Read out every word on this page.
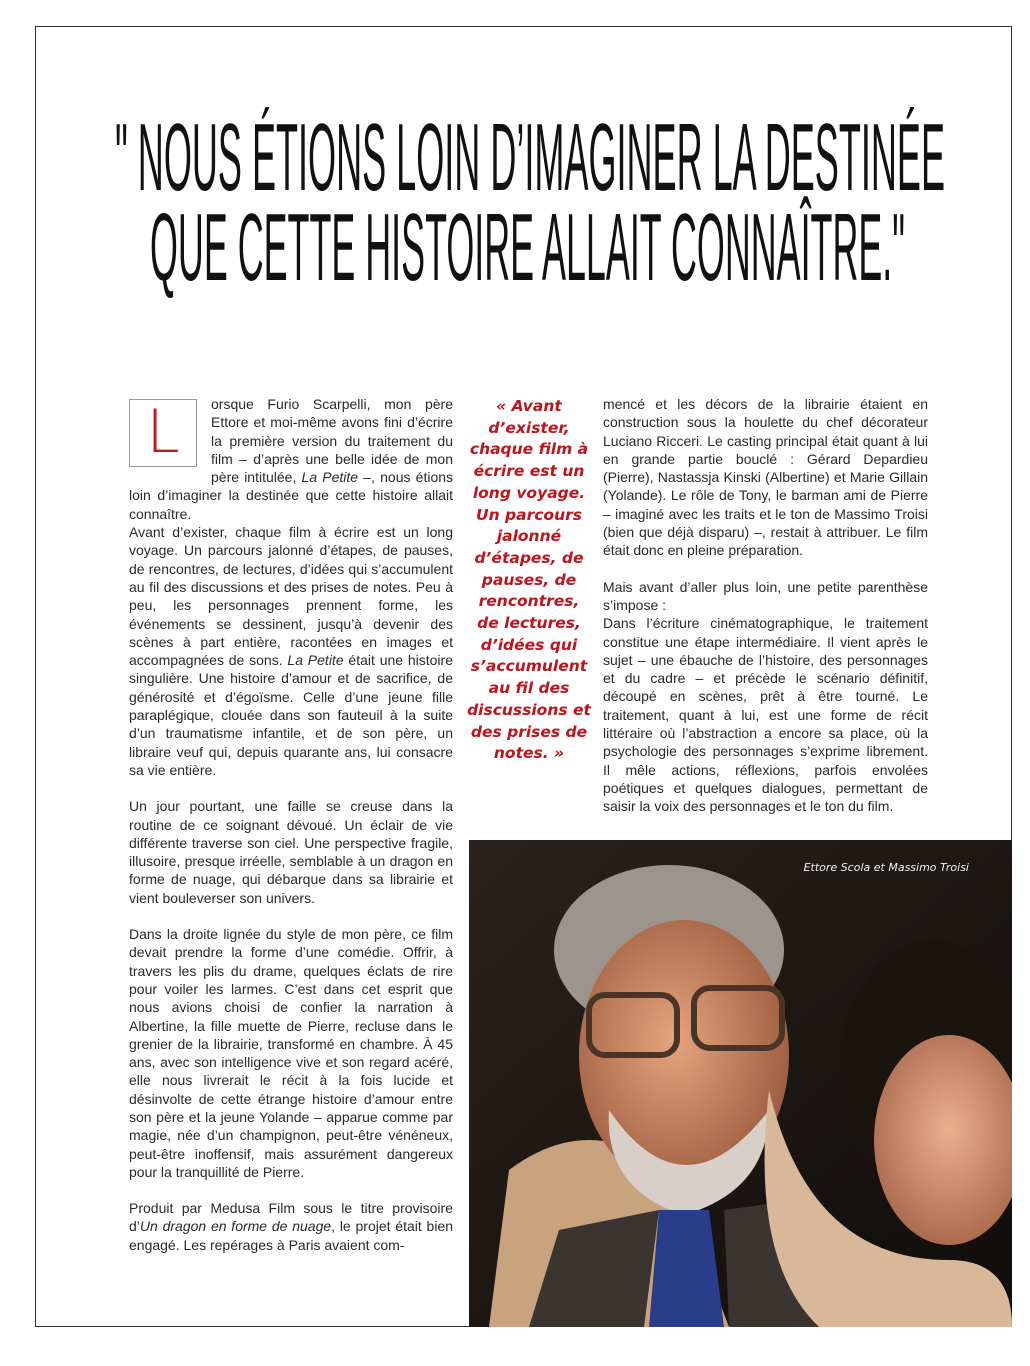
" NOUS ÉTIONS LOIN D’IMAGINER LA DESTINÉE
QUE CETTE HISTOIRE ALLAIT CONNAÎTRE."

L	orsque Furio Scarpelli, mon père Ettore et moi-même avons fini d’écrire la première version du traitement du film – d’après une belle idée de mon père intitulée, La Petite –, nous étions loin d’imaginer la destinée que cette histoire allait connaître.

Avant d’exister, chaque film à écrire est un long voyage. Un parcours jalonné d’étapes, de pauses, de rencontres, de lectures, d’idées qui s’accumulent au fil des discussions et des prises de notes. Peu à peu, les personnages prennent forme, les événements se dessinent, jusqu’à devenir des scènes à part entière, racontées en images et accompagnées de sons. La Petite était une histoire singulière. Une histoire d’amour et de sacrifice, de générosité et d’égoïsme. Celle d’une jeune fille paraplégique, clouée dans son fauteuil à la suite d’un traumatisme infantile, et de son père, un libraire veuf qui, depuis quarante ans, lui consacre sa vie entière.

Un jour pourtant, une faille se creuse dans la routine de ce soignant dévoué. Un éclair de vie différente traverse son ciel. Une perspective fragile, illusoire, presque irréelle, semblable à un dragon en forme de nuage, qui débarque dans sa librairie et vient bouleverser son univers.

Dans la droite lignée du style de mon père, ce film devait prendre la forme d’une comédie. Offrir, à travers les plis du drame, quelques éclats de rire pour voiler les larmes. C’est dans cet esprit que nous avions choisi de confier la narration à Albertine, la fille muette de Pierre, recluse dans le grenier de la librairie, transformé en chambre. À 45 ans, avec son intelligence vive et son regard acéré, elle nous livrerait le récit à la fois lucide et désinvolte de cette étrange histoire d’amour entre son père et la jeune Yolande – apparue comme par magie, née d’un champignon, peut-être vénéneux, peut-être inoffensif, mais assurément dangereux pour la tranquillité de Pierre.

Produit par Medusa Film sous le titre provisoire d’Un dragon en forme de nuage, le projet était bien engagé. Les repérages à Paris avaient com-

« Avant d’exister, chaque film à écrire est un long voyage. Un parcours jalonné d’étapes, de pauses, de rencontres, de lectures, d’idées qui s’accumulent au fil des discussions et des prises de notes. »

mencé et les décors de la librairie étaient en construction sous la houlette du chef décorateur Luciano Ricceri. Le casting principal était quant à lui en grande partie bouclé : Gérard Depardieu (Pierre), Nastassja Kinski (Albertine) et Marie Gillain (Yolande). Le rôle de Tony, le barman ami de Pierre – imaginé avec les traits et le ton de Massimo Troisi (bien que déjà disparu) –, restait à attribuer. Le film était donc en pleine préparation.

Mais avant d’aller plus loin, une petite parenthèse s’impose :

Dans l’écriture cinématographique, le traitement constitue une étape intermédiaire. Il vient après le sujet – une ébauche de l’histoire, des personnages et du cadre – et précède le scénario définitif, découpé en scènes, prêt à être tourné. Le traitement, quant à lui, est une forme de récit littéraire où l’abstraction a encore sa place, où la psychologie des personnages s’exprime librement. Il mêle actions, réflexions, parfois envolées poétiques et quelques dialogues, permettant de saisir la voix des personnages et le ton du film.

Ettore Scola et Massimo Troisi
